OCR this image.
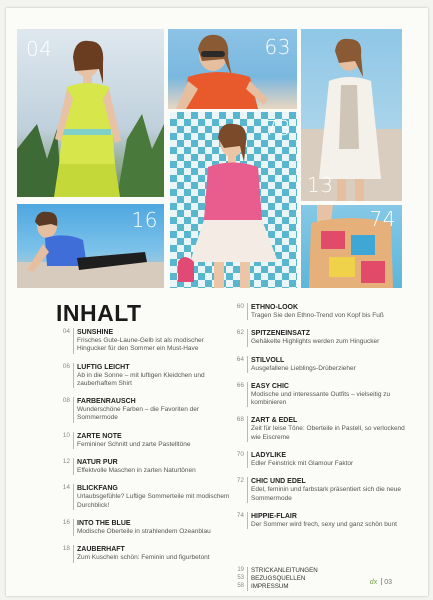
04	63
73
13
16	74
INHALT
04 SUNSHINE
Frisches Gute-Laune-Gelb ist als modischer Hingucker für den Sommer ein Must-Have
06 LUFTIG LEICHT
Ab in die Sonne – mit luftigen Kleidchen und zauberhaftem Shirt
08 FARBENRAUSCH
Wunderschöne Farben – die Favoriten der Sommermode
10 ZARTE NOTE
Femininer Schnitt und zarte Pastelltöne
12 NATUR PUR
Effektvolle Maschen in zarten Naturtönen
14 BLICKFANG
Urlaubsgefühle? Luftige Sommerteile mit modischem Durchblick!
16 INTO THE BLUE
Modische Oberteile in strahlendem Ozeanblau
18 ZAUBERHAFT
Zum Kuscheln schön: Feminin und figurbetont
60 ETHNO-LOOK
Tragen Sie den Ethno-Trend von Kopf bis Fuß
62 SPITZENEINSATZ
Gehäkelte Highlights werden zum Hingucker
64 STILVOLL
Ausgefallene Lieblings-Drüberzieher
66 EASY CHIC
Modische und interessante Outfits – vielseitig zu kombinieren
68 ZART & EDEL
Zeit für leise Töne: Oberteile in Pastell, so verlockend wie Eiscreme
70 LADYLIKE
Edler Feinstrick mit Glamour Faktor
72 CHIC UND EDEL
Edel, feminin und farbstark präsentiert sich die neue Sommermode
74 HIPPIE-FLAIR
Der Sommer wird frech, sexy und ganz schön bunt
19 STRICKANLEITUNGEN
53 BEZUGSQUELLEN
58 IMPRESSUM
dx 03
